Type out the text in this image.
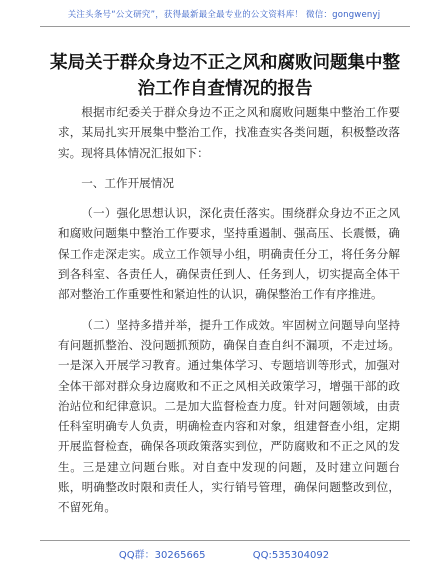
关注头条号“公文研究”，获得最新最全最专业的公文资料库！ 微信：gongwenyj
某局关于群众身边不正之风和腐败问题集中整
治工作自查情况的报告

根据市纪委关于群众身边不正之风和腐败问题集中整治工作要求，某局扎实开展集中整治工作，找准查实各类问题，积极整改落实。现将具体情况汇报如下：

一、工作开展情况

（一）强化思想认识，深化责任落实。围绕群众身边不正之风和腐败问题集中整治工作要求，坚持重遏制、强高压、长震慑，确保工作走深走实。成立工作领导小组，明确责任分工，将任务分解到各科室、各责任人，确保责任到人、任务到人，切实提高全体干部对整治工作重要性和紧迫性的认识，确保整治工作有序推进。

（二）坚持多措并举，提升工作成效。牢固树立问题导向坚持有问题抓整治、没问题抓预防，确保自查自纠不漏项，不走过场。一是深入开展学习教育。通过集体学习、专题培训等形式，加强对全体干部对群众身边腐败和不正之风相关政策学习，增强干部的政治站位和纪律意识。二是加大监督检查力度。针对问题领域，由责任科室明确专人负责，明确检查内容和对象，组建督查小组，定期开展监督检查，确保各项政策落实到位，严防腐败和不正之风的发生。三是建立问题台账。对自查中发现的问题，及时建立问题台账，明确整改时限和责任人，实行销号管理，确保问题整改到位，不留死角。

QQ群：30265665	QQ:535304092
